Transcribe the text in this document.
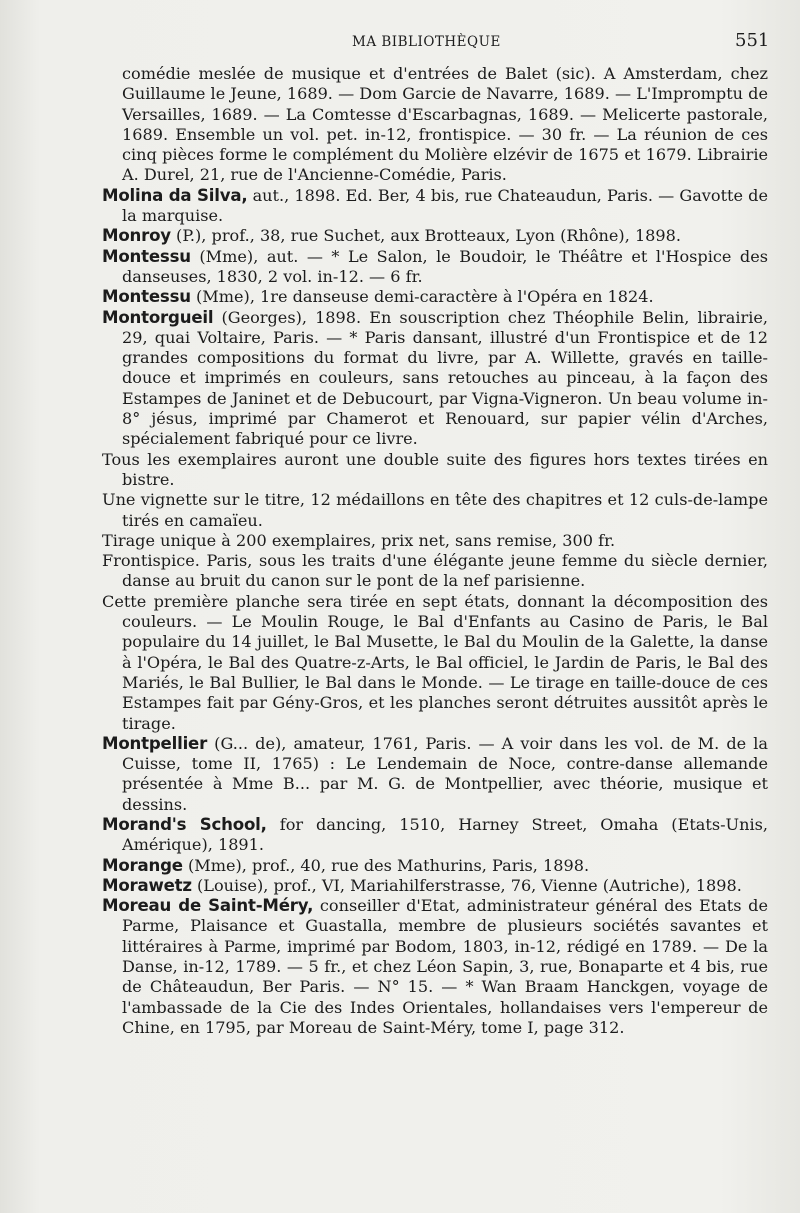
MA BIBLIOTHÈQUE	551

comédie meslée de musique et d'entrées de Balet (sic). A Amsterdam, chez Guillaume le Jeune, 1689. — Dom Garcie de Navarre, 1689. — L'Impromptu de Versailles, 1689. — La Comtesse d'Escarbagnas, 1689. — Melicerte pastorale, 1689. Ensemble un vol. pet. in-12, frontispice. — 30 fr. — La réunion de ces cinq pièces forme le complément du Molière elzévir de 1675 et 1679. Librairie A. Durel, 21, rue de l'Ancienne-Comédie, Paris.

Molina da Silva, aut., 1898. Ed. Ber, 4 bis, rue Chateaudun, Paris. — Gavotte de la marquise.

Monroy (P.), prof., 38, rue Suchet, aux Brotteaux, Lyon (Rhône), 1898.

Montessu (Mme), aut. — * Le Salon, le Boudoir, le Théâtre et l'Hospice des danseuses, 1830, 2 vol. in-12. — 6 fr.

Montessu (Mme), 1re danseuse demi-caractère à l'Opéra en 1824.

Montorgueil (Georges), 1898. En souscription chez Théophile Belin, librairie, 29, quai Voltaire, Paris. — * Paris dansant, illustré d'un Frontispice et de 12 grandes compositions du format du livre, par A. Willette, gravés en taille-douce et imprimés en couleurs, sans retouches au pinceau, à la façon des Estampes de Janinet et de Debucourt, par Vigna-Vigneron. Un beau volume in-8° jésus, imprimé par Chamerot et Renouard, sur papier vélin d'Arches, spécialement fabriqué pour ce livre.

Tous les exemplaires auront une double suite des figures hors textes tirées en bistre.

Une vignette sur le titre, 12 médaillons en tête des chapitres et 12 culs-de-lampe tirés en camaïeu.

Tirage unique à 200 exemplaires, prix net, sans remise, 300 fr.

Frontispice. Paris, sous les traits d'une élégante jeune femme du siècle dernier, danse au bruit du canon sur le pont de la nef parisienne.

Cette première planche sera tirée en sept états, donnant la décomposition des couleurs. — Le Moulin Rouge, le Bal d'Enfants au Casino de Paris, le Bal populaire du 14 juillet, le Bal Musette, le Bal du Moulin de la Galette, la danse à l'Opéra, le Bal des Quatre-z-Arts, le Bal officiel, le Jardin de Paris, le Bal des Mariés, le Bal Bullier, le Bal dans le Monde. — Le tirage en taille-douce de ces Estampes fait par Gény-Gros, et les planches seront détruites aussitôt après le tirage.

Montpellier (G... de), amateur, 1761, Paris. — A voir dans les vol. de M. de la Cuisse, tome II, 1765) : Le Lendemain de Noce, contre-danse allemande présentée à Mme B... par M. G. de Montpellier, avec théorie, musique et dessins.

Morand's School, for dancing, 1510, Harney Street, Omaha (Etats-Unis, Amérique), 1891.

Morange (Mme), prof., 40, rue des Mathurins, Paris, 1898.

Morawetz (Louise), prof., VI, Mariahilferstrasse, 76, Vienne (Autriche), 1898.

Moreau de Saint-Méry, conseiller d'Etat, administrateur général des Etats de Parme, Plaisance et Guastalla, membre de plusieurs sociétés savantes et littéraires à Parme, imprimé par Bodom, 1803, in-12, rédigé en 1789. — De la Danse, in-12, 1789. — 5 fr., et chez Léon Sapin, 3, rue, Bonaparte et 4 bis, rue de Châteaudun, Ber Paris. — N° 15. — * Wan Braam Hanckgen, voyage de l'ambassade de la Cie des Indes Orientales, hollandaises vers l'empereur de Chine, en 1795, par Moreau de Saint-Méry, tome I, page 312.
